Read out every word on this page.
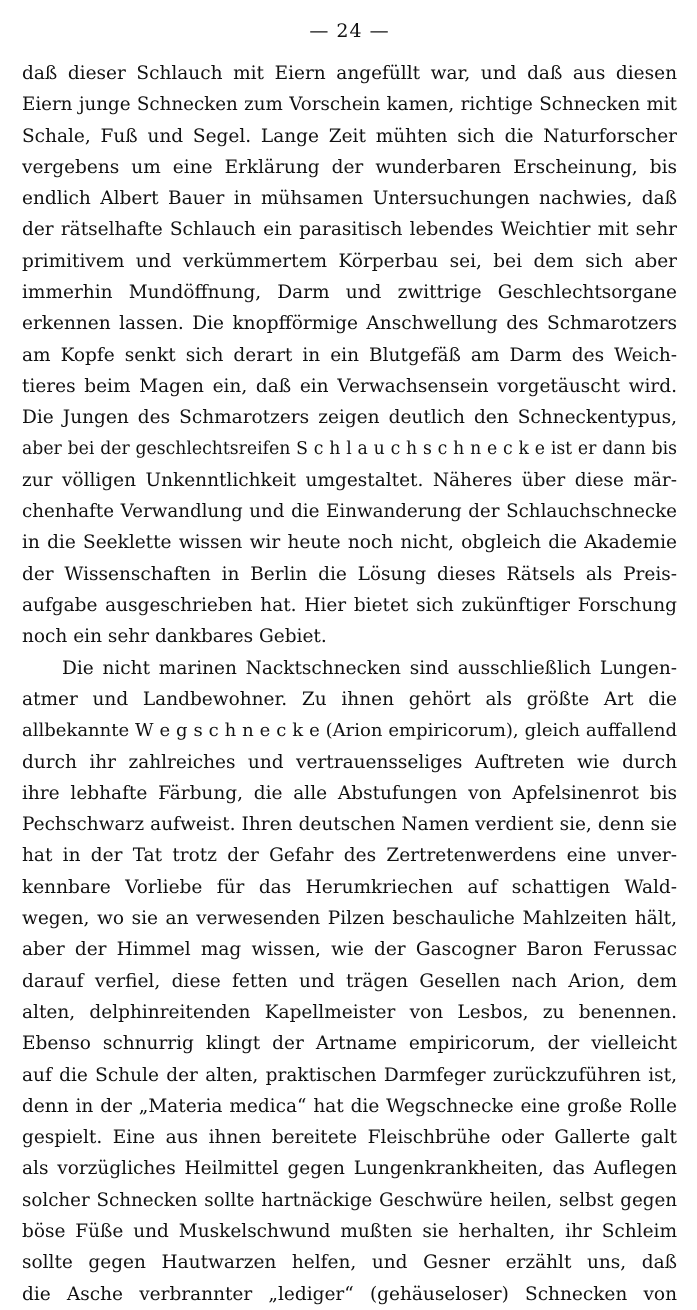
— 24 —

daß dieser Schlauch mit Eiern angefüllt war, und daß aus diesen
Eiern junge Schnecken zum Vorschein kamen, richtige Schnecken mit
Schale, Fuß und Segel. Lange Zeit mühten sich die Naturforscher
vergebens um eine Erklärung der wunderbaren Erscheinung, bis
endlich Albert Bauer in mühsamen Untersuchungen nachwies, daß
der rätselhafte Schlauch ein parasitisch lebendes Weichtier mit sehr
primitivem und verkümmertem Körperbau sei, bei dem sich aber
immerhin Mundöffnung, Darm und zwittrige Geschlechtsorgane
erkennen lassen. Die knopfförmige Anschwellung des Schmarotzers
am Kopfe senkt sich derart in ein Blutgefäß am Darm des Weich-
tieres beim Magen ein, daß ein Verwachsensein vorgetäuscht wird.
Die Jungen des Schmarotzers zeigen deutlich den Schneckentypus,
aber bei der geschlechtsreifen S c h l a u c h s c h n e c k e ist er dann bis
zur völligen Unkenntlichkeit umgestaltet. Näheres über diese mär-
chenhafte Verwandlung und die Einwanderung der Schlauchschnecke
in die Seeklette wissen wir heute noch nicht, obgleich die Akademie
der Wissenschaften in Berlin die Lösung dieses Rätsels als Preis-
aufgabe ausgeschrieben hat. Hier bietet sich zukünftiger Forschung
noch ein sehr dankbares Gebiet.

Die nicht marinen Nacktschnecken sind ausschließlich Lungen-
atmer und Landbewohner. Zu ihnen gehört als größte Art die
allbekannte W e g s c h n e c k e (Arion empiricorum), gleich auffallend
durch ihr zahlreiches und vertrauensseliges Auftreten wie durch
ihre lebhafte Färbung, die alle Abstufungen von Apfelsinenrot bis
Pechschwarz aufweist. Ihren deutschen Namen verdient sie, denn sie
hat in der Tat trotz der Gefahr des Zertretenwerdens eine unver-
kennbare Vorliebe für das Herumkriechen auf schattigen Wald-
wegen, wo sie an verwesenden Pilzen beschauliche Mahlzeiten hält,
aber der Himmel mag wissen, wie der Gascogner Baron Ferussac
darauf verfiel, diese fetten und trägen Gesellen nach Arion, dem
alten, delphinreitenden Kapellmeister von Lesbos, zu benennen.
Ebenso schnurrig klingt der Artname empiricorum, der vielleicht
auf die Schule der alten, praktischen Darmfeger zurückzuführen ist,
denn in der „Materia medica“ hat die Wegschnecke eine große Rolle
gespielt. Eine aus ihnen bereitete Fleischbrühe oder Gallerte galt
als vorzügliches Heilmittel gegen Lungenkrankheiten, das Auflegen
solcher Schnecken sollte hartnäckige Geschwüre heilen, selbst gegen
böse Füße und Muskelschwund mußten sie herhalten, ihr Schleim
sollte gegen Hautwarzen helfen, und Gesner erzählt uns, daß
die Asche verbrannter „lediger“ (gehäuseloser) Schnecken von
